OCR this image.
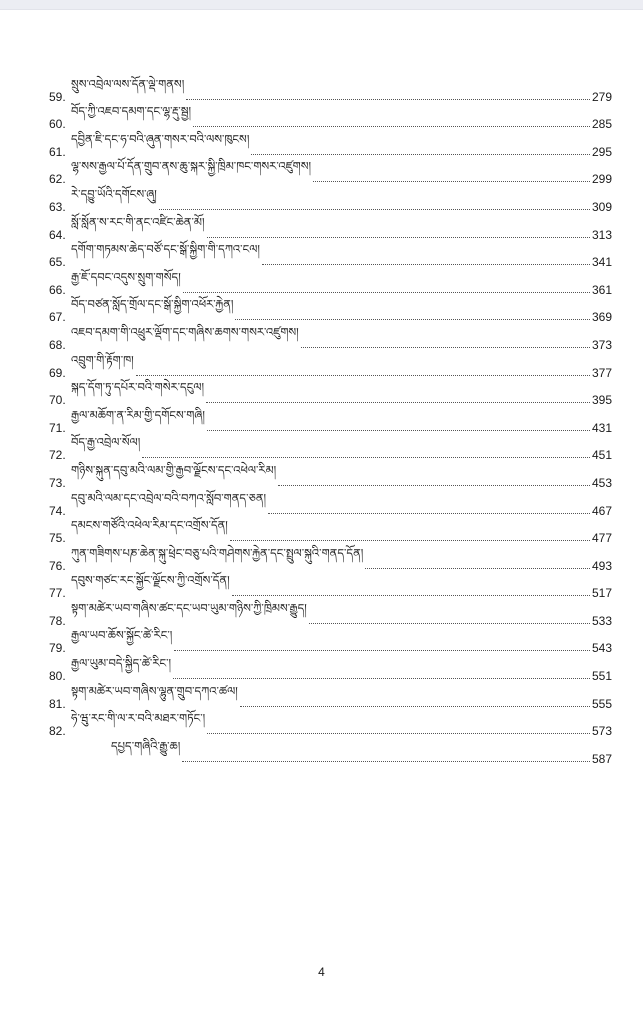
59.
སྲུས་འབྲེལ་ལས་དོན་ལྡེ་གནས།
279
60.
བོད་ཀྱི་འཇབ་དམག་དང་ལྷ་རྡུ་སྦྱ།
285
61.
དབྱིན་ཇི་དང་ཧ་བའི་ཞུན་གསར་བའི་ལས་ཁུངས།
295
62.
ལྷ་སས་རྒྱལ་པོ་དོན་གྲུབ་ནས་ཆུ་སྐར་སྐྱི་ཁྲིམ་ཁང་གསར་འཛུགས།
299
63.
རེ་དབྱུ་ཡོའི་དགོངས་ཞུ།
309
64.
སློ་སློན་ས་རང་གི་ནང་འཛིང་ཆེན་མོ།
313
65.
དགོག་གཏམས་ཆེད་བཙོ་དང་སྒོ་སྐྱིག་གི་དཀའ་ངལ།
341
66.
རྒྱ་ཇོ་དབང་འདུས་སྲུག་གསོད།
361
67.
བོད་བཙན་སློད་གྲོལ་དང་སྒོ་སྐྱིག་འཕོར་རྐྱེན།
369
68.
འཇབ་དམག་གི་འཕྲུར་ལྡོག་དང་གཞིས་ཆགས་གསར་འཛུགས།
373
69.
འབྲུག་གི་རྟོག་ཁ།
377
70.
སྐད་དོག་ཏུ་དཔོར་བའི་གསེར་དངུལ།
395
71.
རྒྱལ་མཆོག་ན་རིམ་གྱི་དགོངས་གཞི།
431
72.
བོད་རྒྱ་འབྲེལ་སོལ།
451
73.
གཉིས་སྐུན་དབུ་མའི་ལམ་གྱི་རྒྱབ་ལྗོངས་དང་འཕེལ་རིམ།
453
74.
དབུ་མའི་ལམ་དང་འབྲེལ་བའི་བཀའ་སློབ་གནད་ཅན།
467
75.
དམངས་གཙོའི་འཕེལ་རིམ་དང་འགྲོས་དོན།
477
76.
ཀུན་གཟིགས་པཎ་ཆེན་སྐུ་ཕྲེང་བཅུ་པའི་གཤེགས་རྐྱེན་དང་སྤྲུལ་སྐུའི་གནད་དོན།
493
77.
དབུས་གཙང་རང་སྐྱོང་ལྗོངས་ཀྱི་འགྲོས་དོན།
517
78.
སྟག་མཚེར་ཡབ་གཞིས་ཚང་དང་ཡབ་ཡུམ་གཉིས་ཀྱི་ཁྲིམས་རྒྱུད།
533
79.
རྒྱལ་ཡབ་ཆོས་སྐྱོང་ཚེ་རིང་།
543
80.
རྒྱལ་ཡུམ་བདེ་སྐྱིད་ཚེ་རིང་།
551
81.
སྟག་མཚེར་ཡབ་གཞིས་ལྷུན་གྲུབ་དཀའ་ཚལ།
555
82.
ཧེ་ཝུ་རང་གི་ལ་ར་བའི་མཐར་གཏོང་།
573
དཔྱད་གཞིའི་རྒྱུ་ཆ།
587
4
